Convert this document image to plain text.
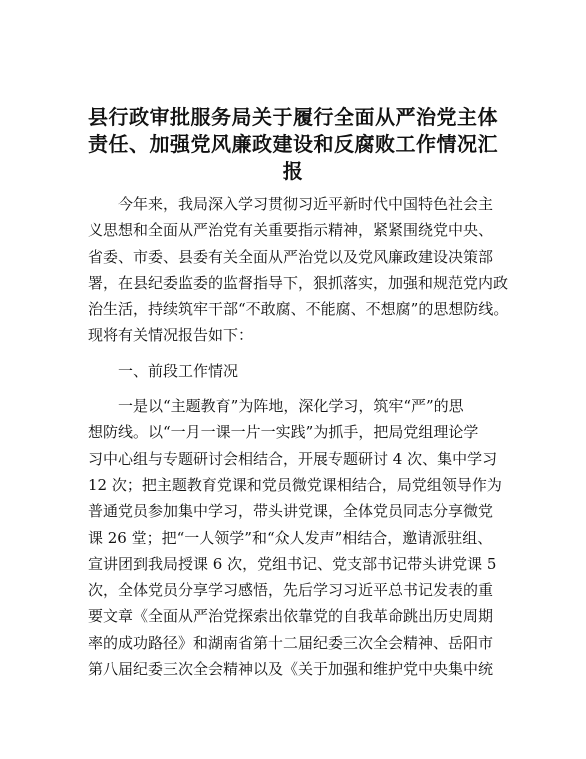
县行政审批服务局关于履行全面从严治党主体
责任、加强党风廉政建设和反腐败工作情况汇
报
今年来，我局深入学习贯彻习近平新时代中国特色社会主
义思想和全面从严治党有关重要指示精神，紧紧围绕党中央、
省委、市委、县委有关全面从严治党以及党风廉政建设决策部
署，在县纪委监委的监督指导下，狠抓落实，加强和规范党内政
治生活，持续筑牢干部“不敢腐、不能腐、不想腐”的思想防线。
现将有关情况报告如下：
一、前段工作情况
一是以“主题教育”为阵地，深化学习，筑牢“严”的思
想防线。以“一月一课一片一实践”为抓手，把局党组理论学
习中心组与专题研讨会相结合，开展专题研讨 4 次、集中学习
12 次；把主题教育党课和党员微党课相结合，局党组领导作为
普通党员参加集中学习，带头讲党课，全体党员同志分享微党
课 26 堂；把“一人领学”和“众人发声”相结合，邀请派驻组、
宣讲团到我局授课 6 次，党组书记、党支部书记带头讲党课 5
次，全体党员分享学习感悟，先后学习习近平总书记发表的重
要文章《全面从严治党探索出依靠党的自我革命跳出历史周期
率的成功路径》和湖南省第十二届纪委三次全会精神、岳阳市
第八届纪委三次全会精神以及《关于加强和维护党中央集中统
